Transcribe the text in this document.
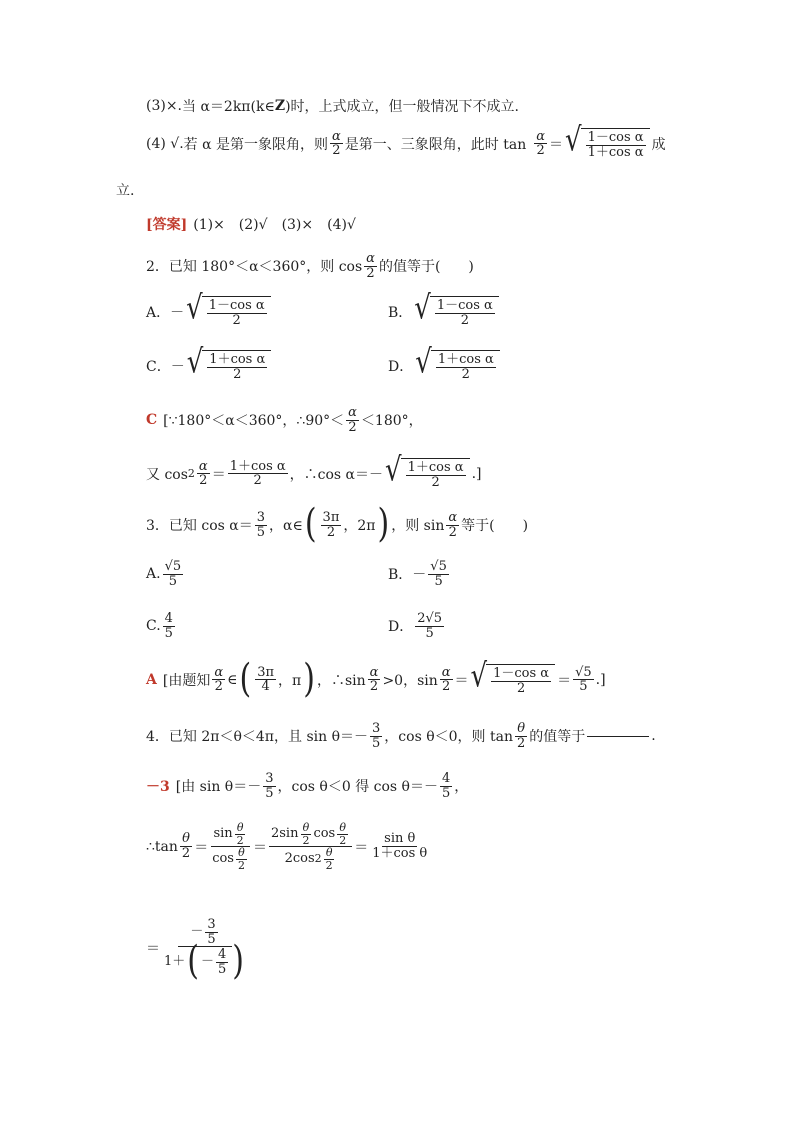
(3)×. 当 α＝2kπ(k∈ Z )时，上式成立，但一般情况下不成立.
(4) √. 若 α 是第一象限角，则 $\frac{\alpha}{2}$ 是第一、三象限角，此时 $\tan \frac{\alpha}{2}$ ＝ √ $\frac{\text{1－cos α}}{\text{1＋cos α}}$ 成
立.
[答案] (1)×　(2)√　(3)×　(4)√
2．已知 180°＜α＜360°，则 $\cos \frac{\alpha}{2}$ 的值等于(　　)
A． － √ $\frac{\text{1－cos α}}{2}$	B． √ $\frac{\text{1－cos α}}{2}$
C． － √ $\frac{\text{1＋cos α}}{2}$	D． √ $\frac{\text{1＋cos α}}{2}$
C [∵180°＜α＜360°，∴90°＜ $\frac{\alpha}{2} <180^\circ$，
又 $\cos 2 \frac{\alpha}{2} = \frac{\text{1＋cos α}}{2}$ ，∴cos α＝－ √ $\frac{\text{1＋cos α}}{2}$ .]
3．已知 $\cos \alpha= \frac{3}{5}$ ，α∈ ( $\frac{3\pi}{2}$ ，2π ) ，则 $\sin \frac{\alpha}{2}$ 等于(　　)
A. $\frac{√5}{5}$	B． － $\frac{√5}{5}$
C. $\frac{4}{5}$	D． $\frac{2√5}{5}$
A [由题知 $\frac{\alpha}{2}$ ∈ ( $\frac{3\pi}{4}$ ，π ) ，∴sin $\frac{\alpha}{2} >0$，$\sin \frac{\alpha}{2}$ ＝ √ $\frac{\text{1－cos α}}{2} = \frac{√5}{5}$ .]
4．已知 2π＜θ＜4π，且 $\sin \theta=- \frac{3}{5}$ ，cos θ＜0，则 $\tan \frac{\theta}{2}$ 的值等于	.
－3 [由 $\sin \theta=- \frac{3}{5}$ ，cos θ＜0 得 $\cos \theta=- \frac{4}{5}$ ，
∴tan $\frac{\theta}{2} = \frac{\sin \frac{\theta}{2}}{\cos \frac{\theta}{2}} = \frac{2\sin \frac{\theta}{2} \cos \frac{\theta}{2}}{2\cos 2 \frac{\theta}{2}} = \frac{\text{sin θ}}{\text{1＋cos θ}}$
＝ $\frac{- \frac{3}{5}}{1+ ( - \frac{4}{5} )}$
